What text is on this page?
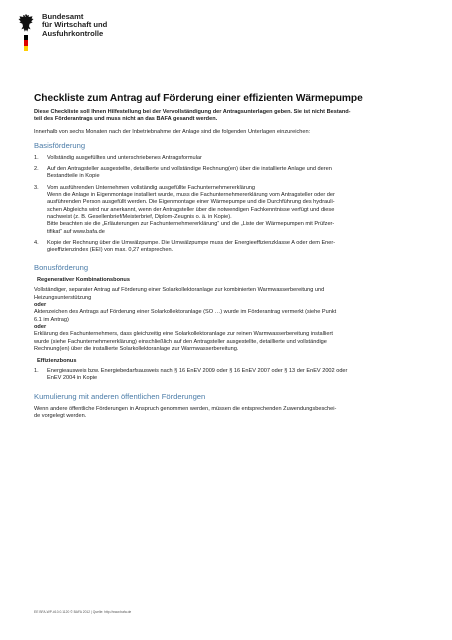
Bundesamt
für Wirtschaft und
Ausfuhrkontrolle
Checkliste zum Antrag auf Förderung einer effizienten Wärmepumpe

Diese Checkliste soll Ihnen Hilfestellung bei der Vervollständigung der Antragsunterlagen geben. Sie ist nicht Bestand-
teil des Förderantrags und muss nicht an das BAFA gesandt werden.

Innerhalb von sechs Monaten nach der Inbetriebnahme der Anlage sind die folgenden Unterlagen einzureichen:

Basisförderung
1.	Vollständig ausgefülltes und unterschriebenes Antragsformular
2.	Auf den Antragsteller ausgestellte, detaillierte und vollständige Rechnung(en) über die installierte Anlage und deren
Bestandteile in Kopie
3.	Vom ausführenden Unternehmen vollständig ausgefüllte Fachunternehmererklärung
Wenn die Anlage in Eigenmontage installiert wurde, muss die Fachunternehmererklärung vom Antragsteller oder der
ausführenden Person ausgefüllt werden. Die Eigenmontage einer Wärmepumpe und die Durchführung des hydrauli-
schen Abgleichs wird nur anerkannt, wenn der Antragsteller über die notwendigen Fachkenntnisse verfügt und diese
nachweist (z. B. Gesellenbrief/Meisterbrief, Diplom-Zeugnis o. ä. in Kopie).
Bitte beachten sie die „Erläuterungen zur Fachunternehmererklärung“ und die „Liste der Wärmepumpen mit Prüfzer-
tifikat“ auf www.bafa.de
4.	Kopie der Rechnung über die Umwälzpumpe. Die Umwälzpumpe muss der Energieeffizienzklasse A oder dem Ener-
gieeffizienzindex (EEI) von max. 0,27 entsprechen.
Bonusförderung
Regenerativer Kombinationsbonus

Vollständiger, separater Antrag auf Förderung einer Solarkollektoranlage zur kombinierten Warmwasserbereitung und
Heizungsunterstützung

oder

Aktenzeichen des Antrags auf Förderung einer Solarkollektoranlage (SO …) wurde im Förderantrag vermerkt (siehe Punkt
6.1 im Antrag)

oder

Erklärung des Fachunternehmers, dass gleichzeitig eine Solarkollektoranlage zur reinen Warmwasserbereitung installiert
wurde (siehe Fachunternehmererklärung) einschließlich auf den Antragsteller ausgestellte, detaillierte und vollständige
Rechnung(en) über die installierte Solarkollektoranlage zur Warmwasserbereitung.

Effizienzbonus
1.	Energieausweis bzw. Energiebedarfsausweis nach § 16 EnEV 2009 oder § 16 EnEV 2007 oder § 13 der EnEV 2002 oder
EnEV 2004 in Kopie
Kumulierung mit anderen öffentlichen Förderungen

Wenn andere öffentliche Förderungen in Anspruch genommen werden, müssen die entsprechenden Zuwendungsbeschei-
de vorgelegt werden.

EE BFA-WP-#10.0.1120 © BAFA 2012 | Quelle: http://www.bafa.de
